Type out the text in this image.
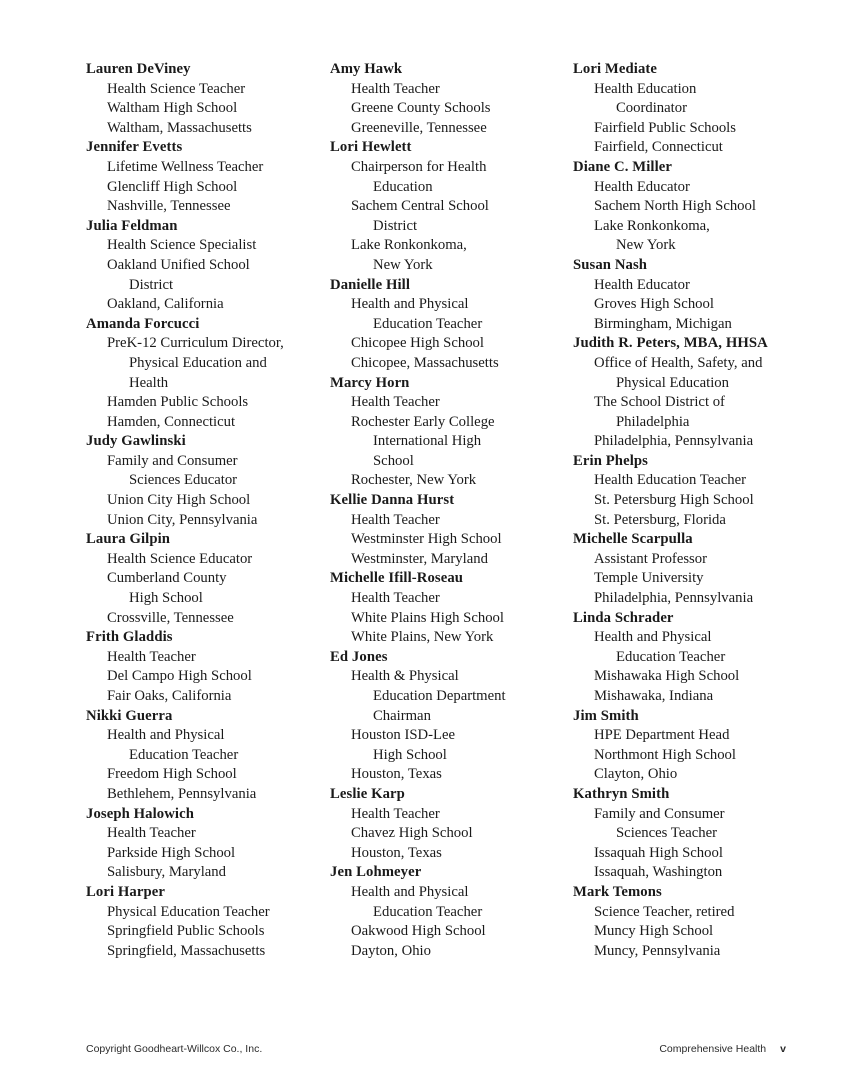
Lauren DeViney
Health Science Teacher
Waltham High School
Waltham, Massachusetts
Jennifer Evetts
Lifetime Wellness Teacher
Glencliff High School
Nashville, Tennessee
Julia Feldman
Health Science Specialist
Oakland Unified School
District
Oakland, California
Amanda Forcucci
PreK-12 Curriculum Director,
Physical Education and
Health
Hamden Public Schools
Hamden, Connecticut
Judy Gawlinski
Family and Consumer
Sciences Educator
Union City High School
Union City, Pennsylvania
Laura Gilpin
Health Science Educator
Cumberland County
High School
Crossville, Tennessee
Frith Gladdis
Health Teacher
Del Campo High School
Fair Oaks, California
Nikki Guerra
Health and Physical
Education Teacher
Freedom High School
Bethlehem, Pennsylvania
Joseph Halowich
Health Teacher
Parkside High School
Salisbury, Maryland
Lori Harper
Physical Education Teacher
Springfield Public Schools
Springfield, Massachusetts
Amy Hawk
Health Teacher
Greene County Schools
Greeneville, Tennessee
Lori Hewlett
Chairperson for Health
Education
Sachem Central School
District
Lake Ronkonkoma,
New York
Danielle Hill
Health and Physical
Education Teacher
Chicopee High School
Chicopee, Massachusetts
Marcy Horn
Health Teacher
Rochester Early College
International High
School
Rochester, New York
Kellie Danna Hurst
Health Teacher
Westminster High School
Westminster, Maryland
Michelle Ifill-Roseau
Health Teacher
White Plains High School
White Plains, New York
Ed Jones
Health & Physical
Education Department
Chairman
Houston ISD-Lee
High School
Houston, Texas
Leslie Karp
Health Teacher
Chavez High School
Houston, Texas
Jen Lohmeyer
Health and Physical
Education Teacher
Oakwood High School
Dayton, Ohio
Lori Mediate
Health Education
Coordinator
Fairfield Public Schools
Fairfield, Connecticut
Diane C. Miller
Health Educator
Sachem North High School
Lake Ronkonkoma,
New York
Susan Nash
Health Educator
Groves High School
Birmingham, Michigan
Judith R. Peters, MBA, HHSA
Office of Health, Safety, and
Physical Education
The School District of
Philadelphia
Philadelphia, Pennsylvania
Erin Phelps
Health Education Teacher
St. Petersburg High School
St. Petersburg, Florida
Michelle Scarpulla
Assistant Professor
Temple University
Philadelphia, Pennsylvania
Linda Schrader
Health and Physical
Education Teacher
Mishawaka High School
Mishawaka, Indiana
Jim Smith
HPE Department Head
Northmont High School
Clayton, Ohio
Kathryn Smith
Family and Consumer
Sciences Teacher
Issaquah High School
Issaquah, Washington
Mark Temons
Science Teacher, retired
Muncy High School
Muncy, Pennsylvania
Copyright Goodheart-Willcox Co., Inc.	Comprehensive Health v
